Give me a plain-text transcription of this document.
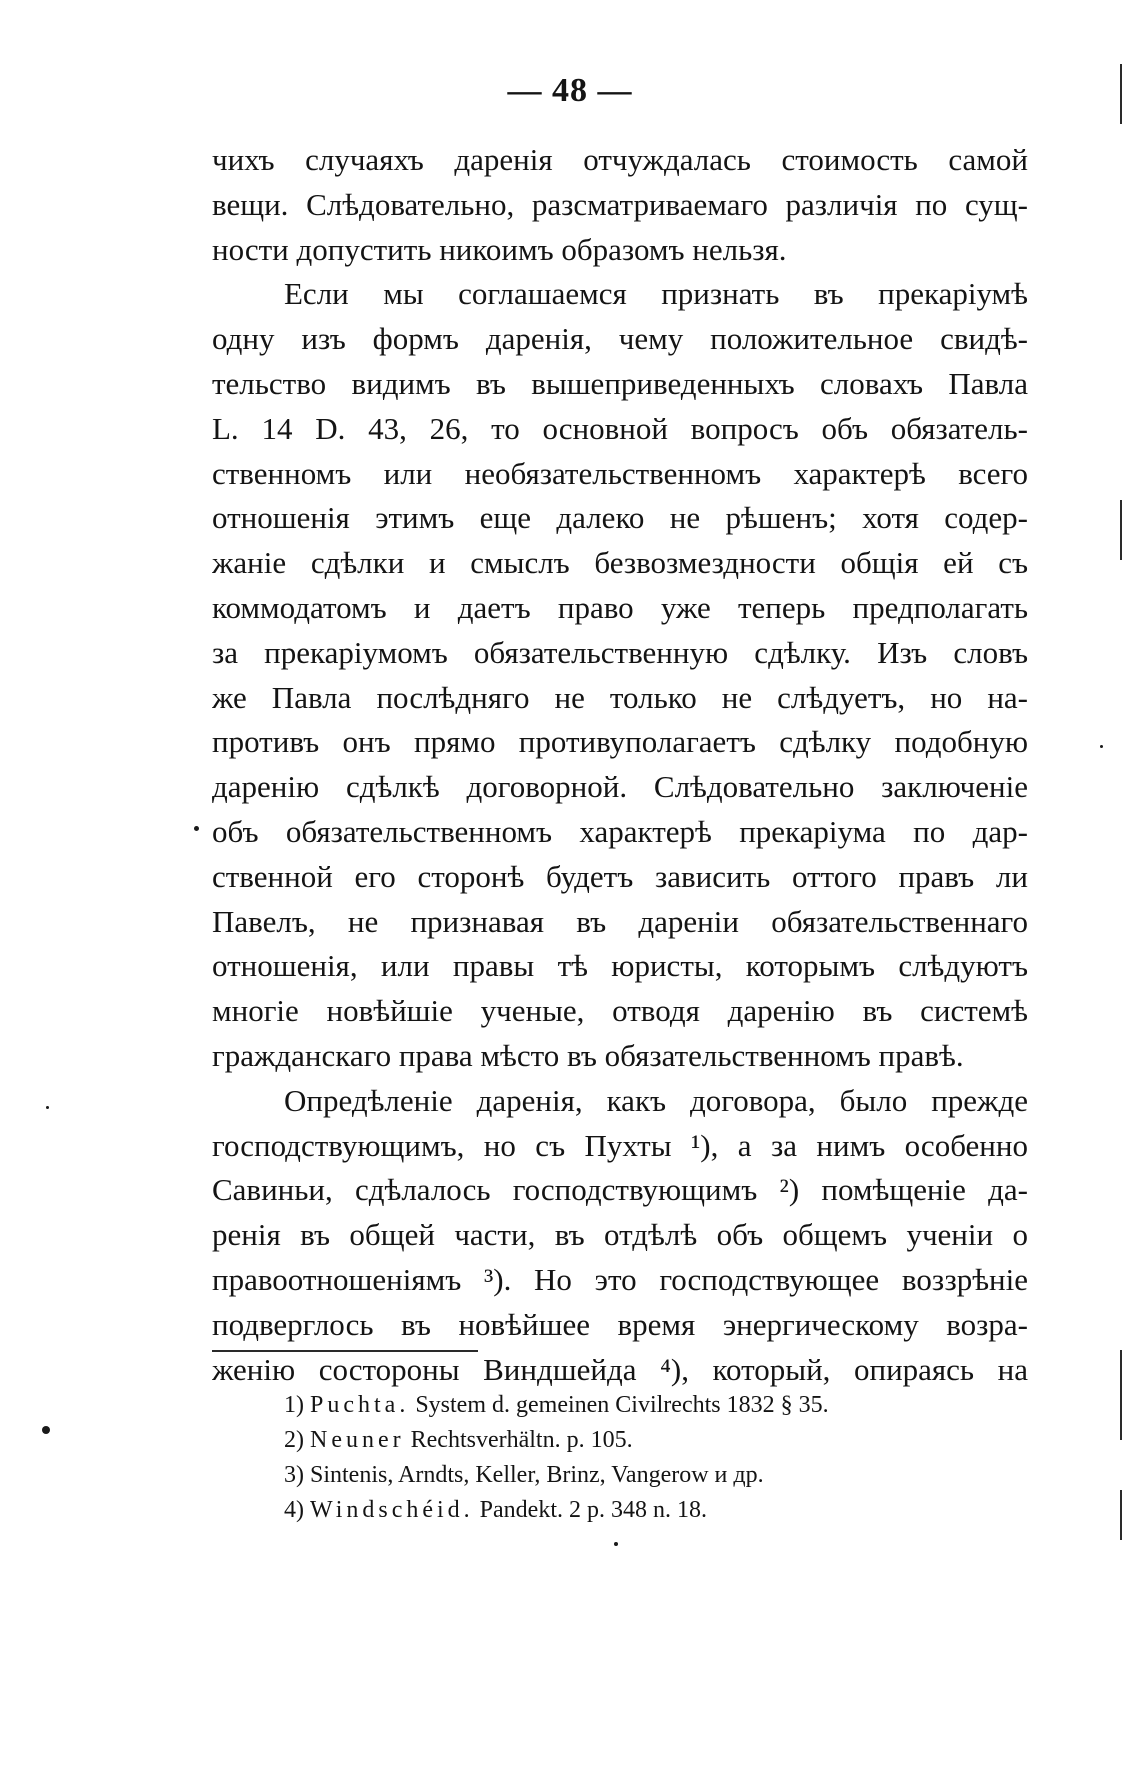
— 48 —
чихъ случаяхъ даренія отчуждалась стоимость самой
вещи. Слѣдовательно, разсматриваемаго различія по сущ-
ности допустить никоимъ образомъ нельзя.
Если мы соглашаемся признать въ прекаріумѣ
одну изъ формъ даренія, чему положительное свидѣ-
тельство видимъ въ вышеприведенныхъ словахъ Павла
L. 14 D. 43, 26, то основной вопросъ объ обязатель-
ственномъ или необязательственномъ характерѣ всего
отношенія этимъ еще далеко не рѣшенъ; хотя содер-
жаніе сдѣлки и смыслъ безвозмездности общія ей съ
коммодатомъ и даетъ право уже теперь предполагать
за прекаріумомъ обязательственную сдѣлку. Изъ словъ
же Павла послѣдняго не только не слѣдуетъ, но на-
противъ онъ прямо противуполагаетъ сдѣлку подобную
даренію сдѣлкѣ договорной. Слѣдовательно заключеніе
объ обязательственномъ характерѣ прекаріума по дар-
ственной его сторонѣ будетъ зависить оттого правъ ли
Павелъ, не признавая въ дареніи обязательственнаго
отношенія, или правы тѣ юристы, которымъ слѣдуютъ
многіе новѣйшіе ученые, отводя даренію въ системѣ
гражданскаго права мѣсто въ обязательственномъ правѣ.
Опредѣленіе даренія, какъ договора, было прежде
господствующимъ, но съ Пухты ¹), а за нимъ особенно
Савиньи, сдѣлалось господствующимъ ²) помѣщеніе да-
ренія въ общей части, въ отдѣлѣ объ общемъ ученіи о
правоотношеніямъ ³). Но это господствующее воззрѣніе
подверглось въ новѣйшее время энергическому возра-
женію состороны Виндшейда ⁴), который, опираясь на
1) Puchta. System d. gemeinen Civilrechts 1832 § 35.
2) Neuner Rechtsverhältn. p. 105.
3) Sintenis, Arndts, Keller, Brinz, Vangerow и др.
4) Windschéid. Pandekt. 2 p. 348 n. 18.
